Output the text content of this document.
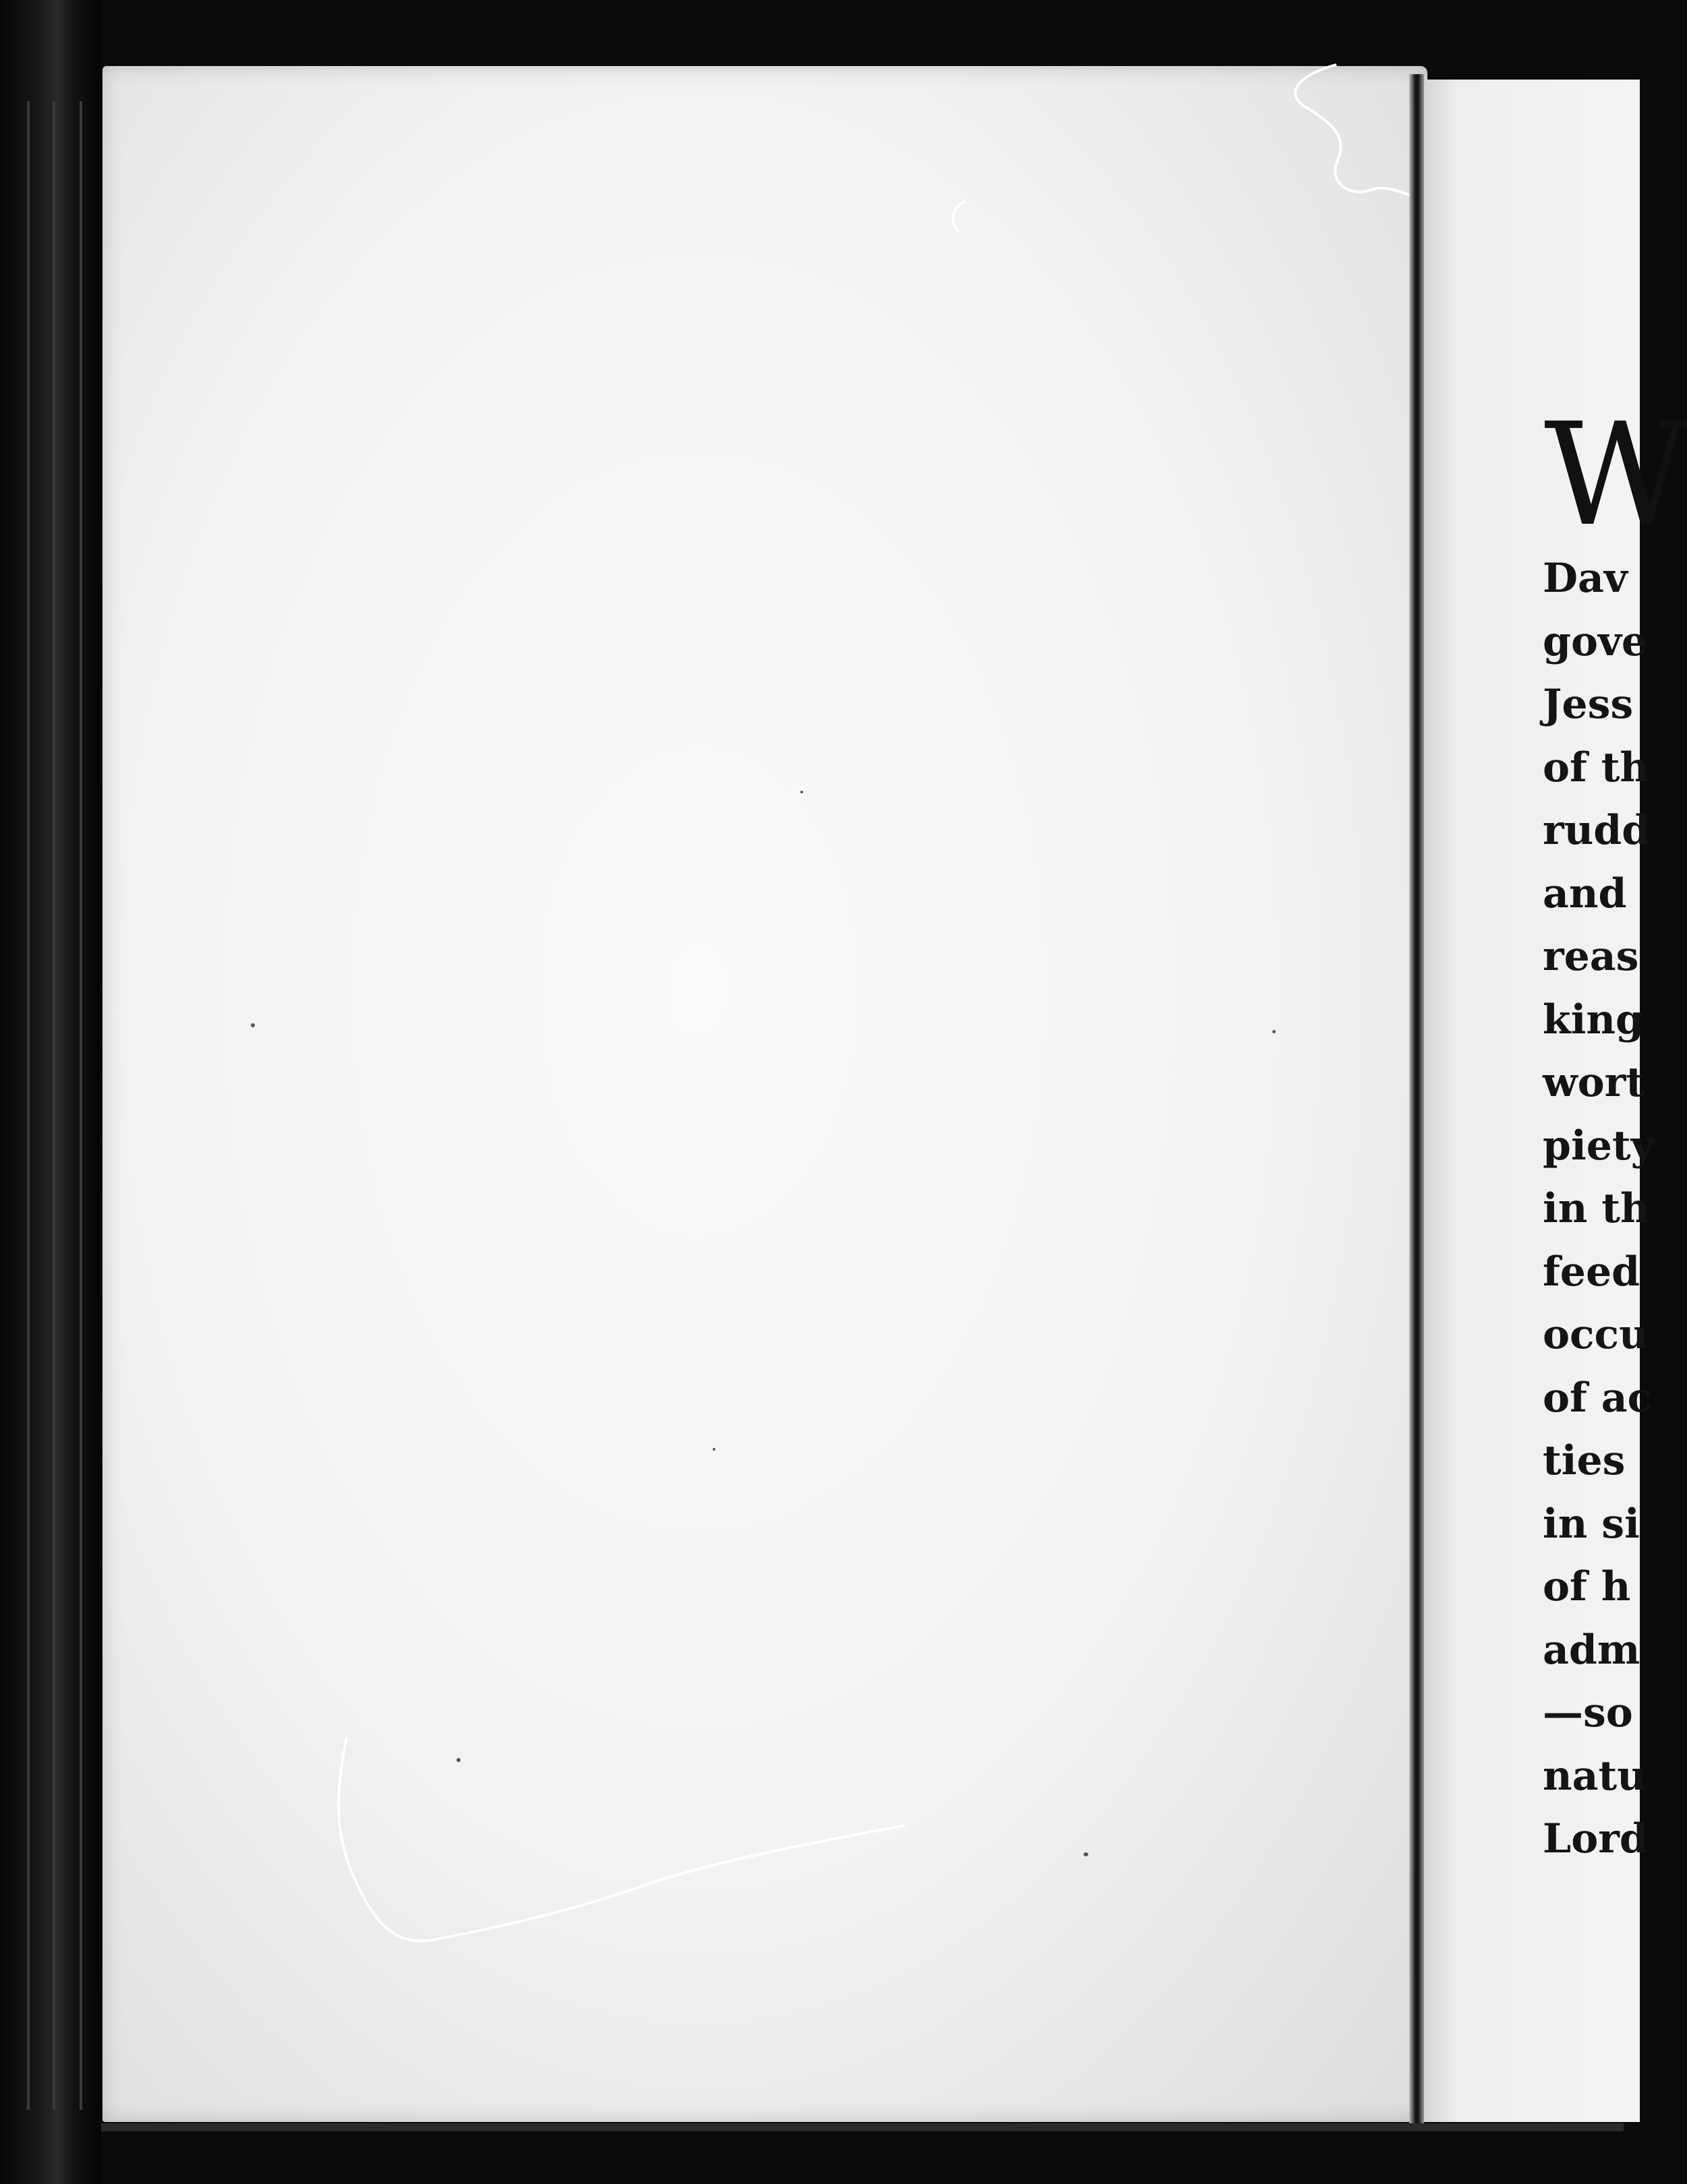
W
Dav
gove
Jess
of th
rudd
and
reas
king
wort
piety
in th
feed
occu
of ac
ties
in si
of h
adm
—so
natu
Lord
